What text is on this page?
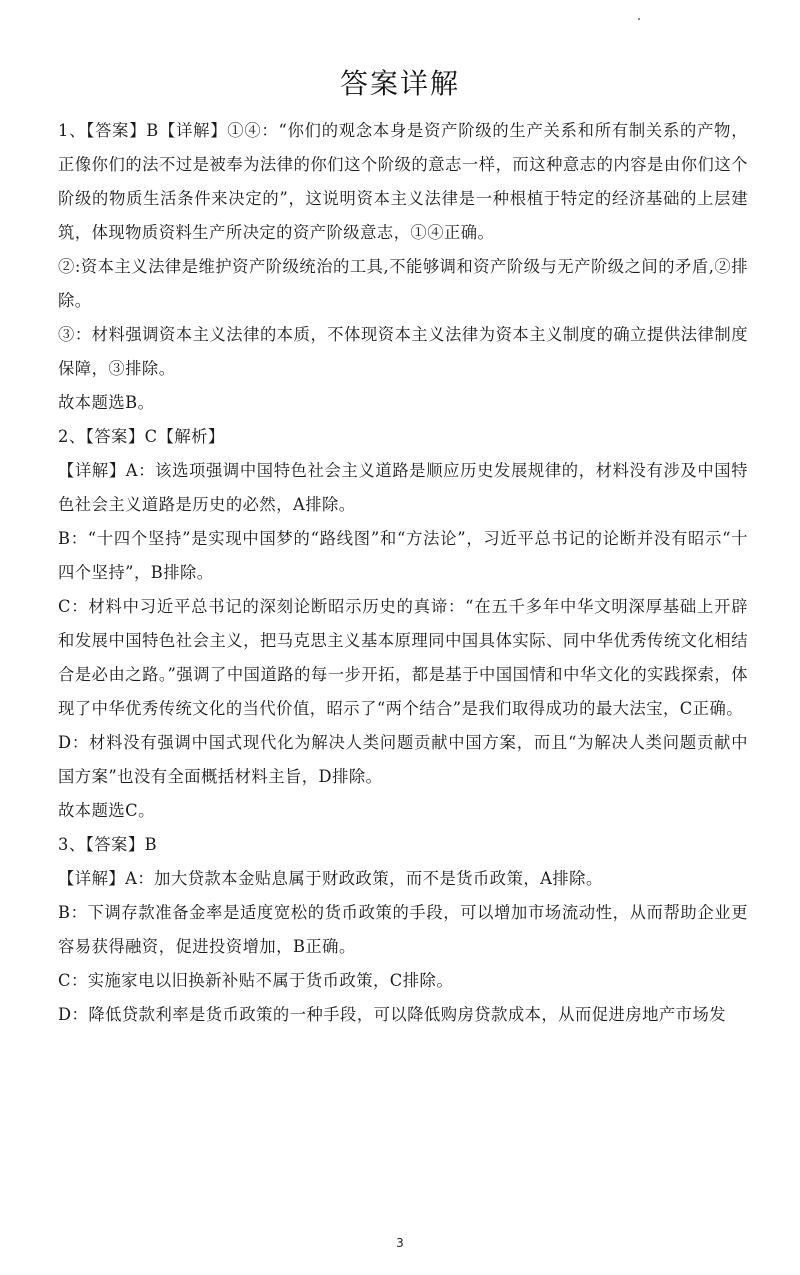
答案详解

1、【答案】B【详解】①④：“你们的观念本身是资产阶级的生产关系和所有制关系的产物，正像你们的法不过是被奉为法律的你们这个阶级的意志一样，而这种意志的内容是由你们这个阶级的物质生活条件来决定的”，这说明资本主义法律是一种根植于特定的经济基础的上层建筑，体现物质资料生产所决定的资产阶级意志，①④正确。

②:资本主义法律是维护资产阶级统治的工具,不能够调和资产阶级与无产阶级之间的矛盾,②排除。

③：材料强调资本主义法律的本质，不体现资本主义法律为资本主义制度的确立提供法律制度保障，③排除。

故本题选B。

2、【答案】C【解析】

【详解】A：该选项强调中国特色社会主义道路是顺应历史发展规律的，材料没有涉及中国特色社会主义道路是历史的必然，A排除。

B：“十四个坚持”是实现中国梦的“路线图”和“方法论”，习近平总书记的论断并没有昭示“十四个坚持”，B排除。

C：材料中习近平总书记的深刻论断昭示历史的真谛：“在五千多年中华文明深厚基础上开辟和发展中国特色社会主义，把马克思主义基本原理同中国具体实际、同中华优秀传统文化相结合是必由之路。”强调了中国道路的每一步开拓，都是基于中国国情和中华文化的实践探索，体现了中华优秀传统文化的当代价值，昭示了“两个结合”是我们取得成功的最大法宝，C正确。

D：材料没有强调中国式现代化为解决人类问题贡献中国方案，而且“为解决人类问题贡献中国方案”也没有全面概括材料主旨，D排除。

故本题选C。

3、【答案】B

【详解】A：加大贷款本金贴息属于财政政策，而不是货币政策，A排除。

B：下调存款准备金率是适度宽松的货币政策的手段，可以增加市场流动性，从而帮助企业更容易获得融资，促进投资增加，B正确。

C：实施家电以旧换新补贴不属于货币政策，C排除。

D：降低贷款利率是货币政策的一种手段，可以降低购房贷款成本，从而促进房地产市场发

3
